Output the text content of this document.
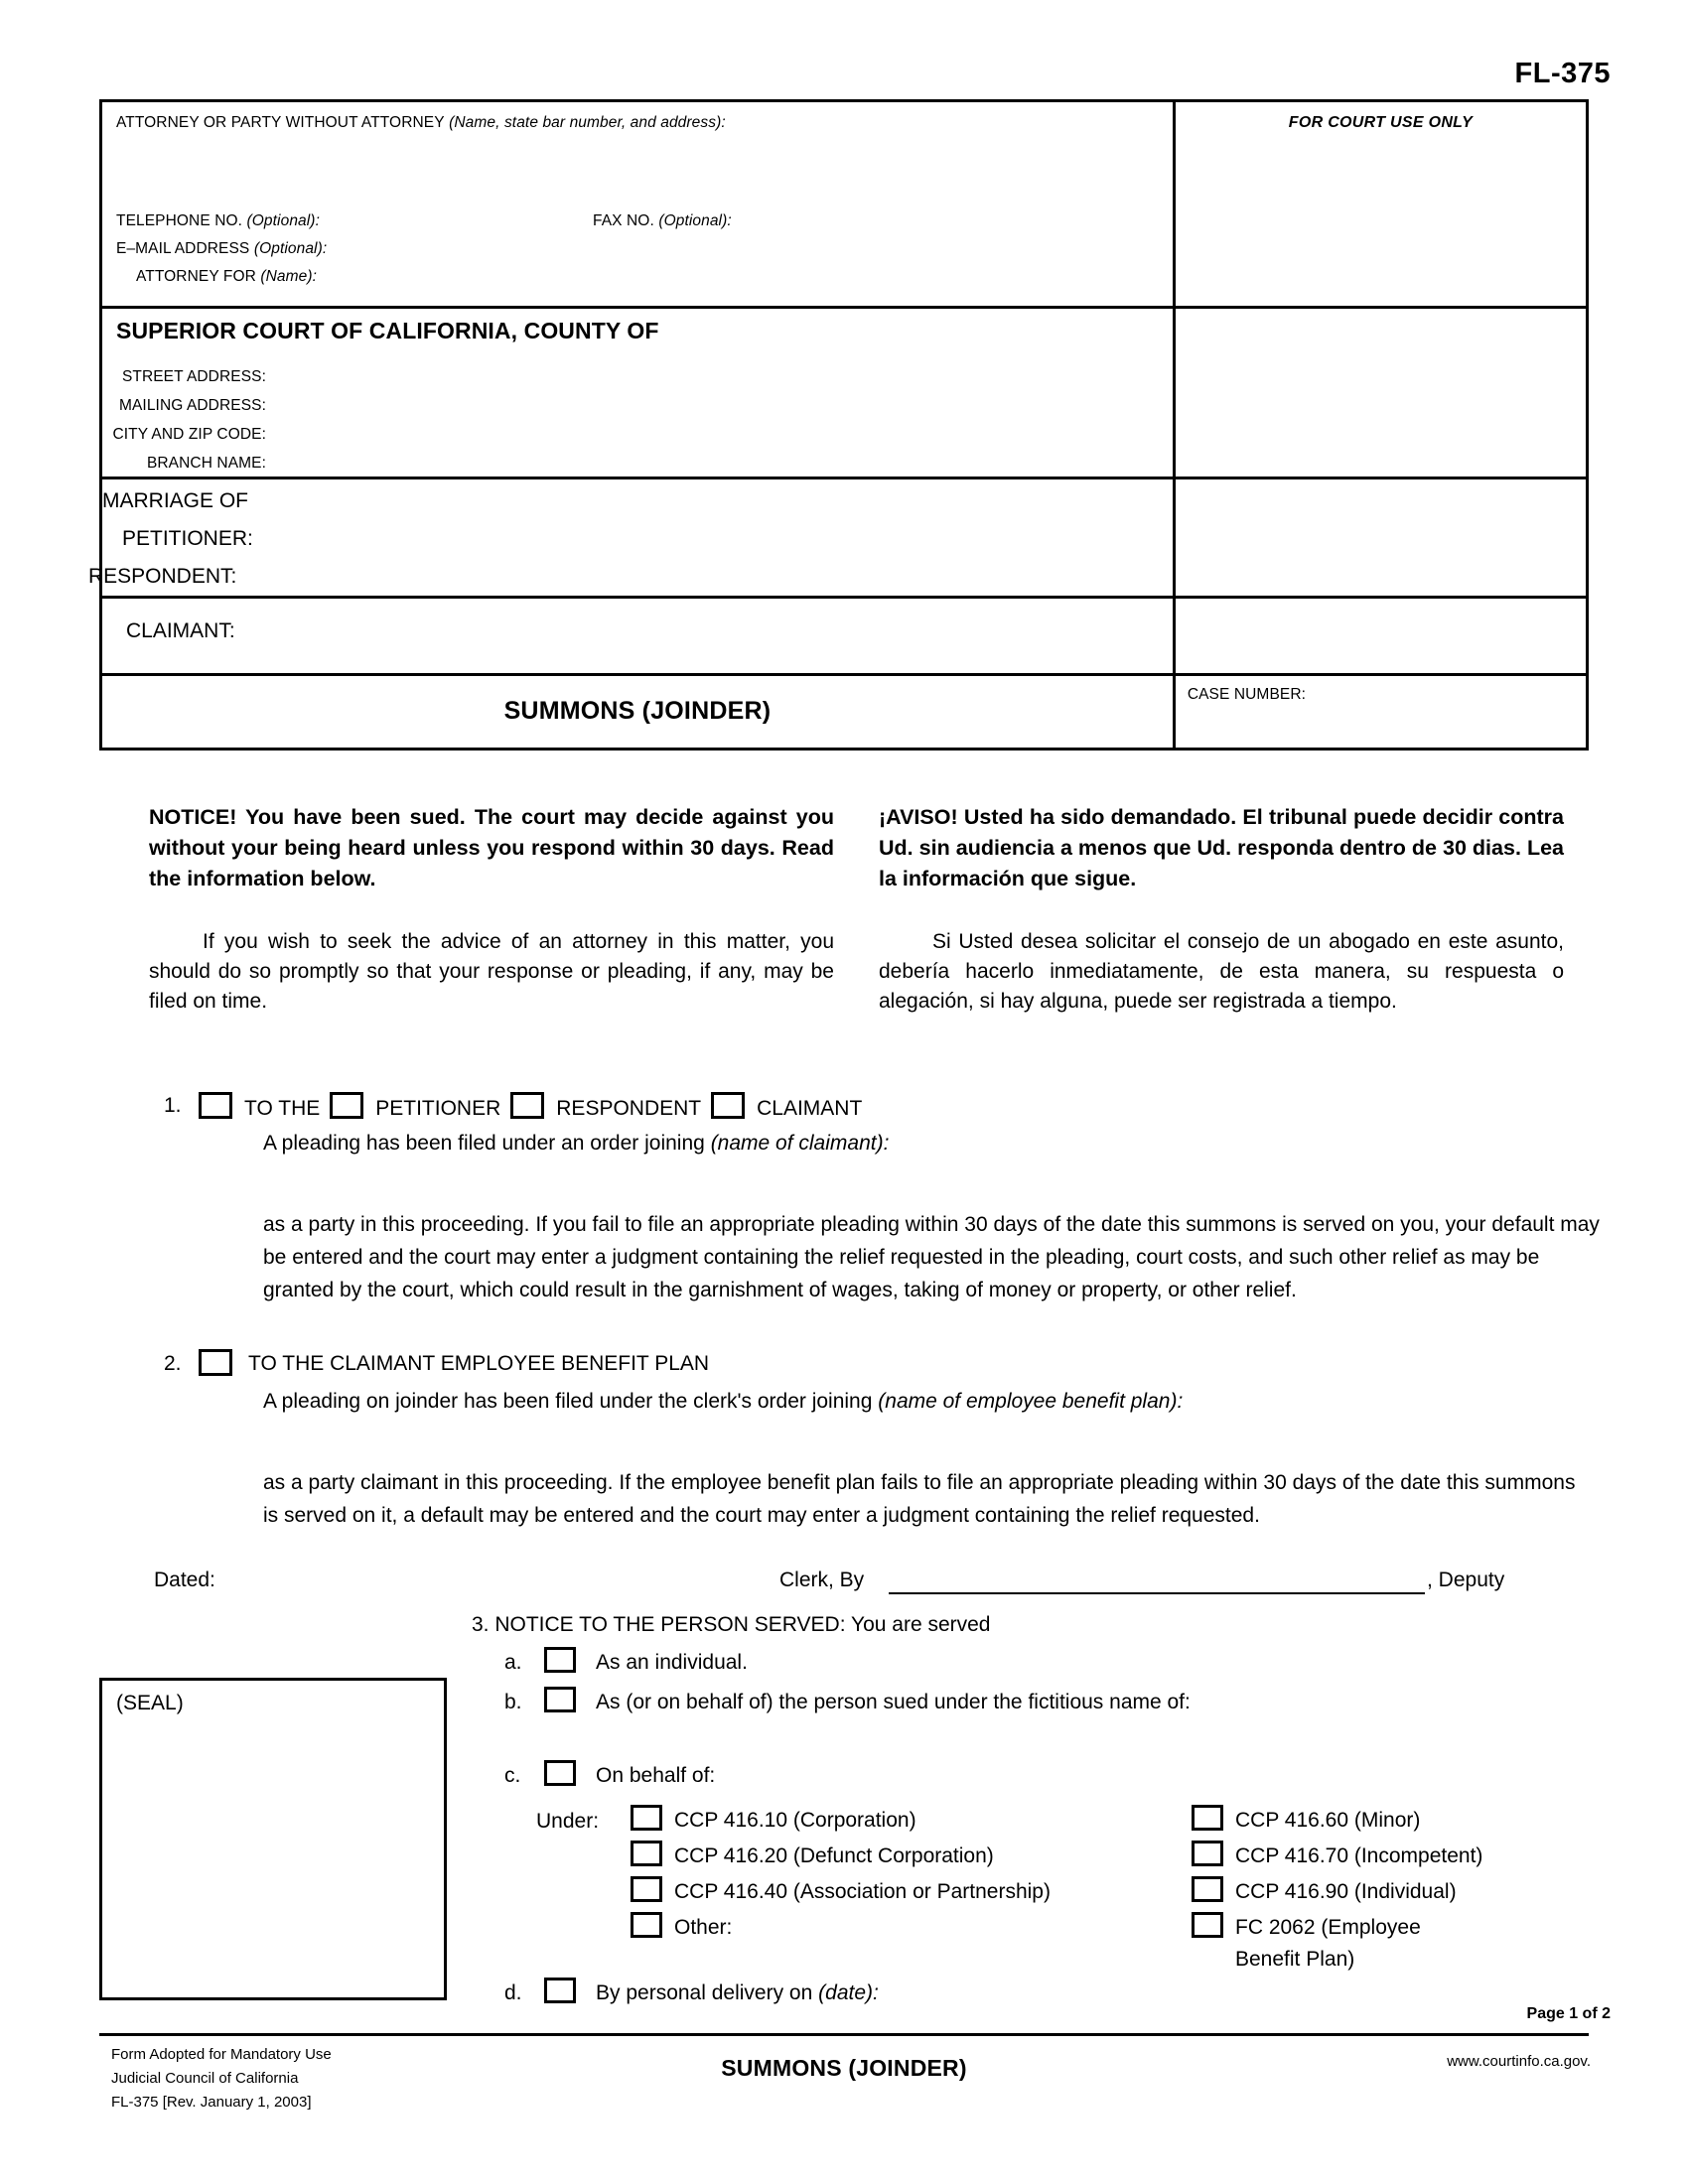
FL-375
ATTORNEY OR PARTY WITHOUT ATTORNEY (Name, state bar number, and address):
TELEPHONE NO. (Optional):	FAX NO. (Optional):
E–MAIL ADDRESS (Optional):
ATTORNEY FOR (Name):
FOR COURT USE ONLY
SUPERIOR COURT OF CALIFORNIA, COUNTY OF
STREET ADDRESS:
MAILING ADDRESS:
CITY AND ZIP CODE:
BRANCH NAME:
MARRIAGE OF
PETITIONER:
RESPONDENT:
CLAIMANT:
SUMMONS (JOINDER)
CASE NUMBER:
NOTICE! You have been sued. The court may decide against you without your being heard unless you respond within 30 days. Read the information below.
If you wish to seek the advice of an attorney in this matter, you should do so promptly so that your response or pleading, if any, may be filed on time.
¡AVISO! Usted ha sido demandado. El tribunal puede decidir contra Ud. sin audiencia a menos que Ud. responda dentro de 30 dias. Lea la información que sigue.
Si Usted desea solicitar el consejo de un abogado en este asunto, debería hacerlo inmediatamente, de esta manera, su respuesta o alegación, si hay alguna, puede ser registrada a tiempo.
1.	TO THE	PETITIONER	RESPONDENT	CLAIMANT
A pleading has been filed under an order joining (name of claimant):
as a party in this proceeding. If you fail to file an appropriate pleading within 30 days of the date this summons is served on you, your default may be entered and the court may enter a judgment containing the relief requested in the pleading, court costs, and such other relief as may be granted by the court, which could result in the garnishment of wages, taking of money or property, or other relief.
2.	TO THE CLAIMANT EMPLOYEE BENEFIT PLAN
A pleading on joinder has been filed under the clerk's order joining (name of employee benefit plan):
as a party claimant in this proceeding. If the employee benefit plan fails to file an appropriate pleading within 30 days of the date this summons is served on it, a default may be entered and the court may enter a judgment containing the relief requested.
Dated:	Clerk, By	, Deputy
(SEAL)
3. NOTICE TO THE PERSON SERVED: You are served
a.	As an individual.
b.	As (or on behalf of) the person sued under the fictitious name of:
c.	On behalf of:
d.	By personal delivery on (date):
Under:	CCP 416.10 (Corporation)
CCP 416.20 (Defunct Corporation)
CCP 416.40 (Association or Partnership)
Other:
CCP 416.60 (Minor)
CCP 416.70 (Incompetent)
CCP 416.90 (Individual)
FC 2062 (Employee
Benefit Plan)
Page 1 of 2
Form Adopted for Mandatory Use
Judicial Council of California
FL-375 [Rev. January 1, 2003]
SUMMONS (JOINDER)	www.courtinfo.ca.gov.
